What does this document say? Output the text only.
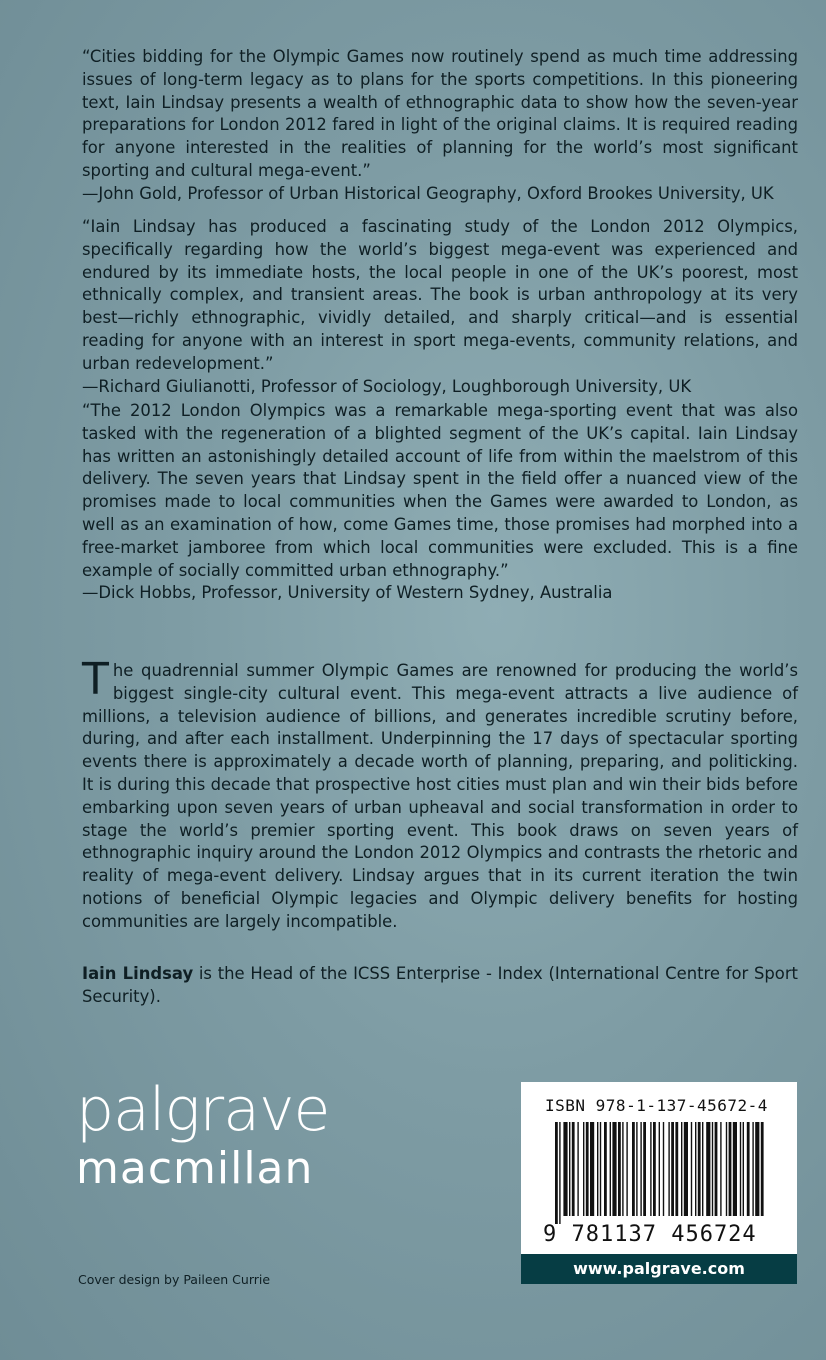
“Cities bidding for the Olympic Games now routinely spend as much time addressing issues of long-term legacy as to plans for the sports competitions. In this pioneering text, Iain Lindsay presents a wealth of ethnographic data to show how the seven-year preparations for London 2012 fared in light of the original claims. It is required reading for anyone interested in the realities of planning for the world’s most significant sporting and cultural mega-event.”

—John Gold, Professor of Urban Historical Geography, Oxford Brookes University, UK

“Iain Lindsay has produced a fascinating study of the London 2012 Olympics, specifically regarding how the world’s biggest mega-event was experienced and endured by its immediate hosts, the local people in one of the UK’s poorest, most ethnically complex, and transient areas. The book is urban anthropology at its very best—richly ethnographic, vividly detailed, and sharply critical—and is essential reading for anyone with an interest in sport mega-events, community relations, and urban redevelopment.”

—Richard Giulianotti, Professor of Sociology, Loughborough University, UK

“The 2012 London Olympics was a remarkable mega-sporting event that was also tasked with the regeneration of a blighted segment of the UK’s capital. Iain Lindsay has written an astonishingly detailed account of life from within the maelstrom of this delivery. The seven years that Lindsay spent in the field offer a nuanced view of the promises made to local communities when the Games were awarded to London, as well as an examination of how, come Games time, those promises had morphed into a free-market jamboree from which local communities were excluded. This is a fine example of socially committed urban ethnography.”

—Dick Hobbs, Professor, University of Western Sydney, Australia

The quadrennial summer Olympic Games are renowned for producing the world’s biggest single-city cultural event. This mega-event attracts a live audience of millions, a television audience of billions, and generates incredible scrutiny before, during, and after each installment. Underpinning the 17 days of spectacular sporting events there is approximately a decade worth of planning, preparing, and politicking. It is during this decade that prospective host cities must plan and win their bids before embarking upon seven years of urban upheaval and social transformation in order to stage the world’s premier sporting event. This book draws on seven years of ethnographic inquiry around the London 2012 Olympics and contrasts the rhetoric and reality of mega-event delivery. Lindsay argues that in its current iteration the twin notions of beneficial Olympic legacies and Olympic delivery benefits for hosting communities are largely incompatible.

Iain Lindsay is the Head of the ICSS Enterprise - Index (International Centre for Sport Security).

palgrave
macmillan
Cover design by Paileen Currie
ISBN 978-1-137-45672-4
9 781137 456724
www.palgrave.com
